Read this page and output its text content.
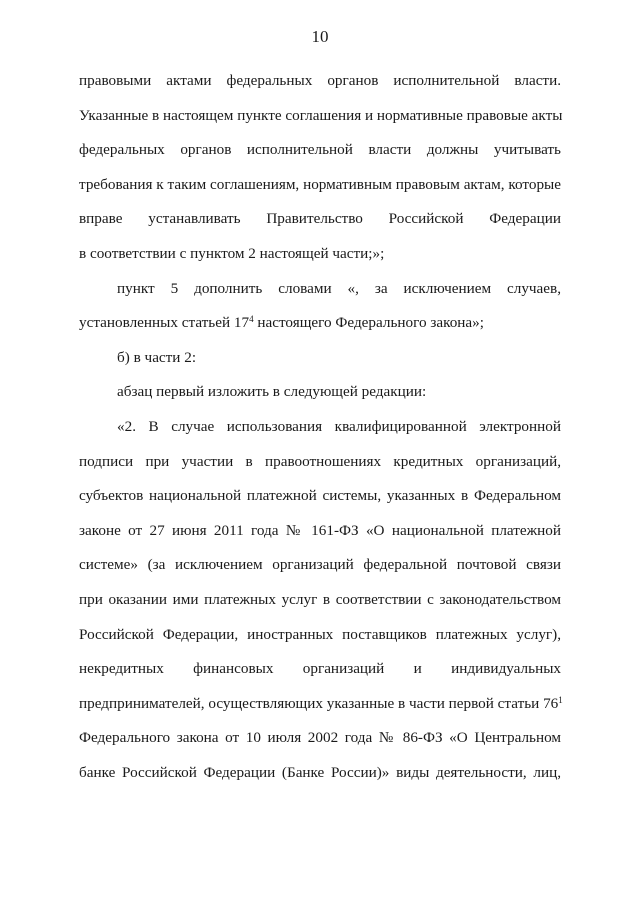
10
правовыми актами федеральных органов исполнительной власти.
Указанные в настоящем пункте соглашения и нормативные правовые акты
федеральных органов исполнительной власти должны учитывать
требования к таким соглашениям, нормативным правовым актам, которые
вправе устанавливать Правительство Российской Федерации
в соответствии с пунктом 2 настоящей части;»;
пункт 5 дополнить словами «, за исключением случаев,
установленных статьей $17^4$ настоящего Федерального закона»;
б) в части 2:
абзац первый изложить в следующей редакции:
«2. В случае использования квалифицированной электронной
подписи при участии в правоотношениях кредитных организаций,
субъектов национальной платежной системы, указанных в Федеральном
законе от 27 июня 2011 года № 161-ФЗ «О национальной платежной
системе» (за исключением организаций федеральной почтовой связи
при оказании ими платежных услуг в соответствии с законодательством
Российской Федерации, иностранных поставщиков платежных услуг),
некредитных финансовых организаций и индивидуальных
предпринимателей, осуществляющих указанные в части первой статьи $76^1$
Федерального закона от 10 июля 2002 года № 86-ФЗ «О Центральном
банке Российской Федерации (Банке России)» виды деятельности, лиц,
